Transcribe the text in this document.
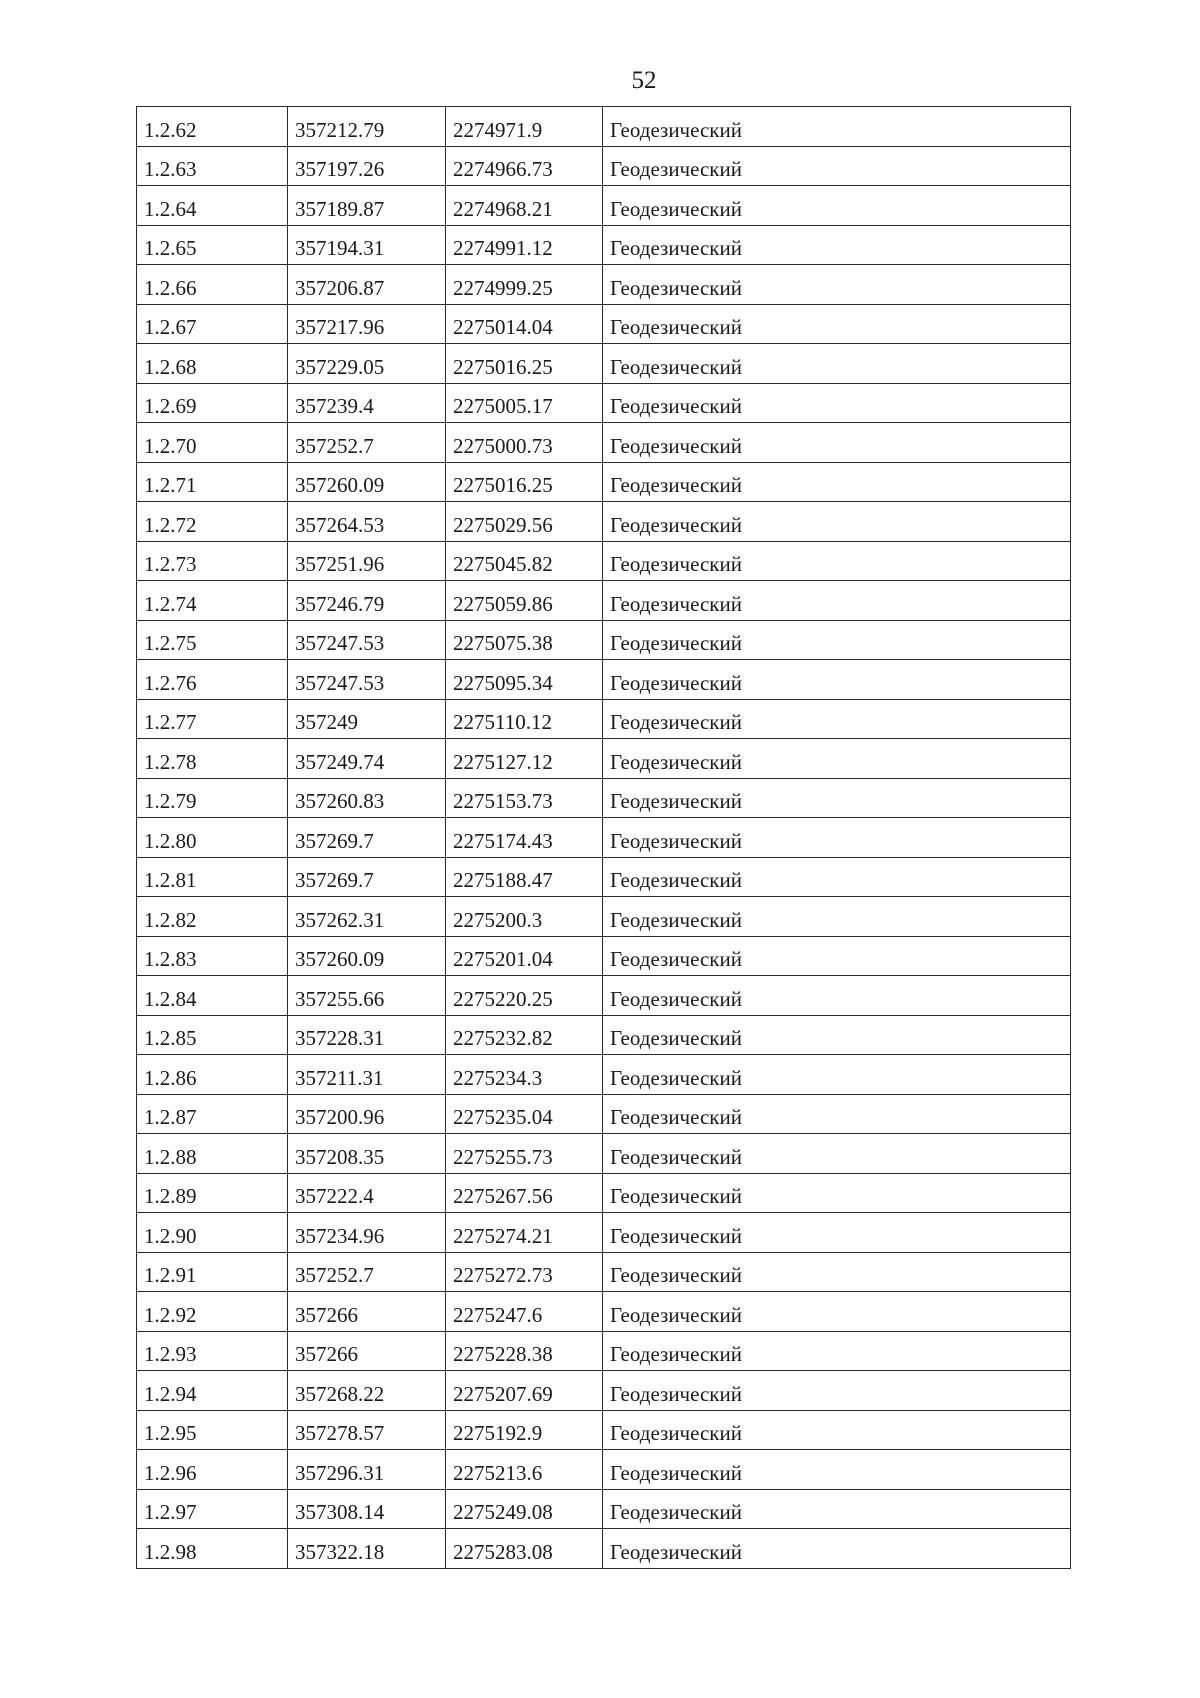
52
1.2.62	357212.79	2274971.9	Геодезический
1.2.63	357197.26	2274966.73	Геодезический
1.2.64	357189.87	2274968.21	Геодезический
1.2.65	357194.31	2274991.12	Геодезический
1.2.66	357206.87	2274999.25	Геодезический
1.2.67	357217.96	2275014.04	Геодезический
1.2.68	357229.05	2275016.25	Геодезический
1.2.69	357239.4	2275005.17	Геодезический
1.2.70	357252.7	2275000.73	Геодезический
1.2.71	357260.09	2275016.25	Геодезический
1.2.72	357264.53	2275029.56	Геодезический
1.2.73	357251.96	2275045.82	Геодезический
1.2.74	357246.79	2275059.86	Геодезический
1.2.75	357247.53	2275075.38	Геодезический
1.2.76	357247.53	2275095.34	Геодезический
1.2.77	357249	2275110.12	Геодезический
1.2.78	357249.74	2275127.12	Геодезический
1.2.79	357260.83	2275153.73	Геодезический
1.2.80	357269.7	2275174.43	Геодезический
1.2.81	357269.7	2275188.47	Геодезический
1.2.82	357262.31	2275200.3	Геодезический
1.2.83	357260.09	2275201.04	Геодезический
1.2.84	357255.66	2275220.25	Геодезический
1.2.85	357228.31	2275232.82	Геодезический
1.2.86	357211.31	2275234.3	Геодезический
1.2.87	357200.96	2275235.04	Геодезический
1.2.88	357208.35	2275255.73	Геодезический
1.2.89	357222.4	2275267.56	Геодезический
1.2.90	357234.96	2275274.21	Геодезический
1.2.91	357252.7	2275272.73	Геодезический
1.2.92	357266	2275247.6	Геодезический
1.2.93	357266	2275228.38	Геодезический
1.2.94	357268.22	2275207.69	Геодезический
1.2.95	357278.57	2275192.9	Геодезический
1.2.96	357296.31	2275213.6	Геодезический
1.2.97	357308.14	2275249.08	Геодезический
1.2.98	357322.18	2275283.08	Геодезический
